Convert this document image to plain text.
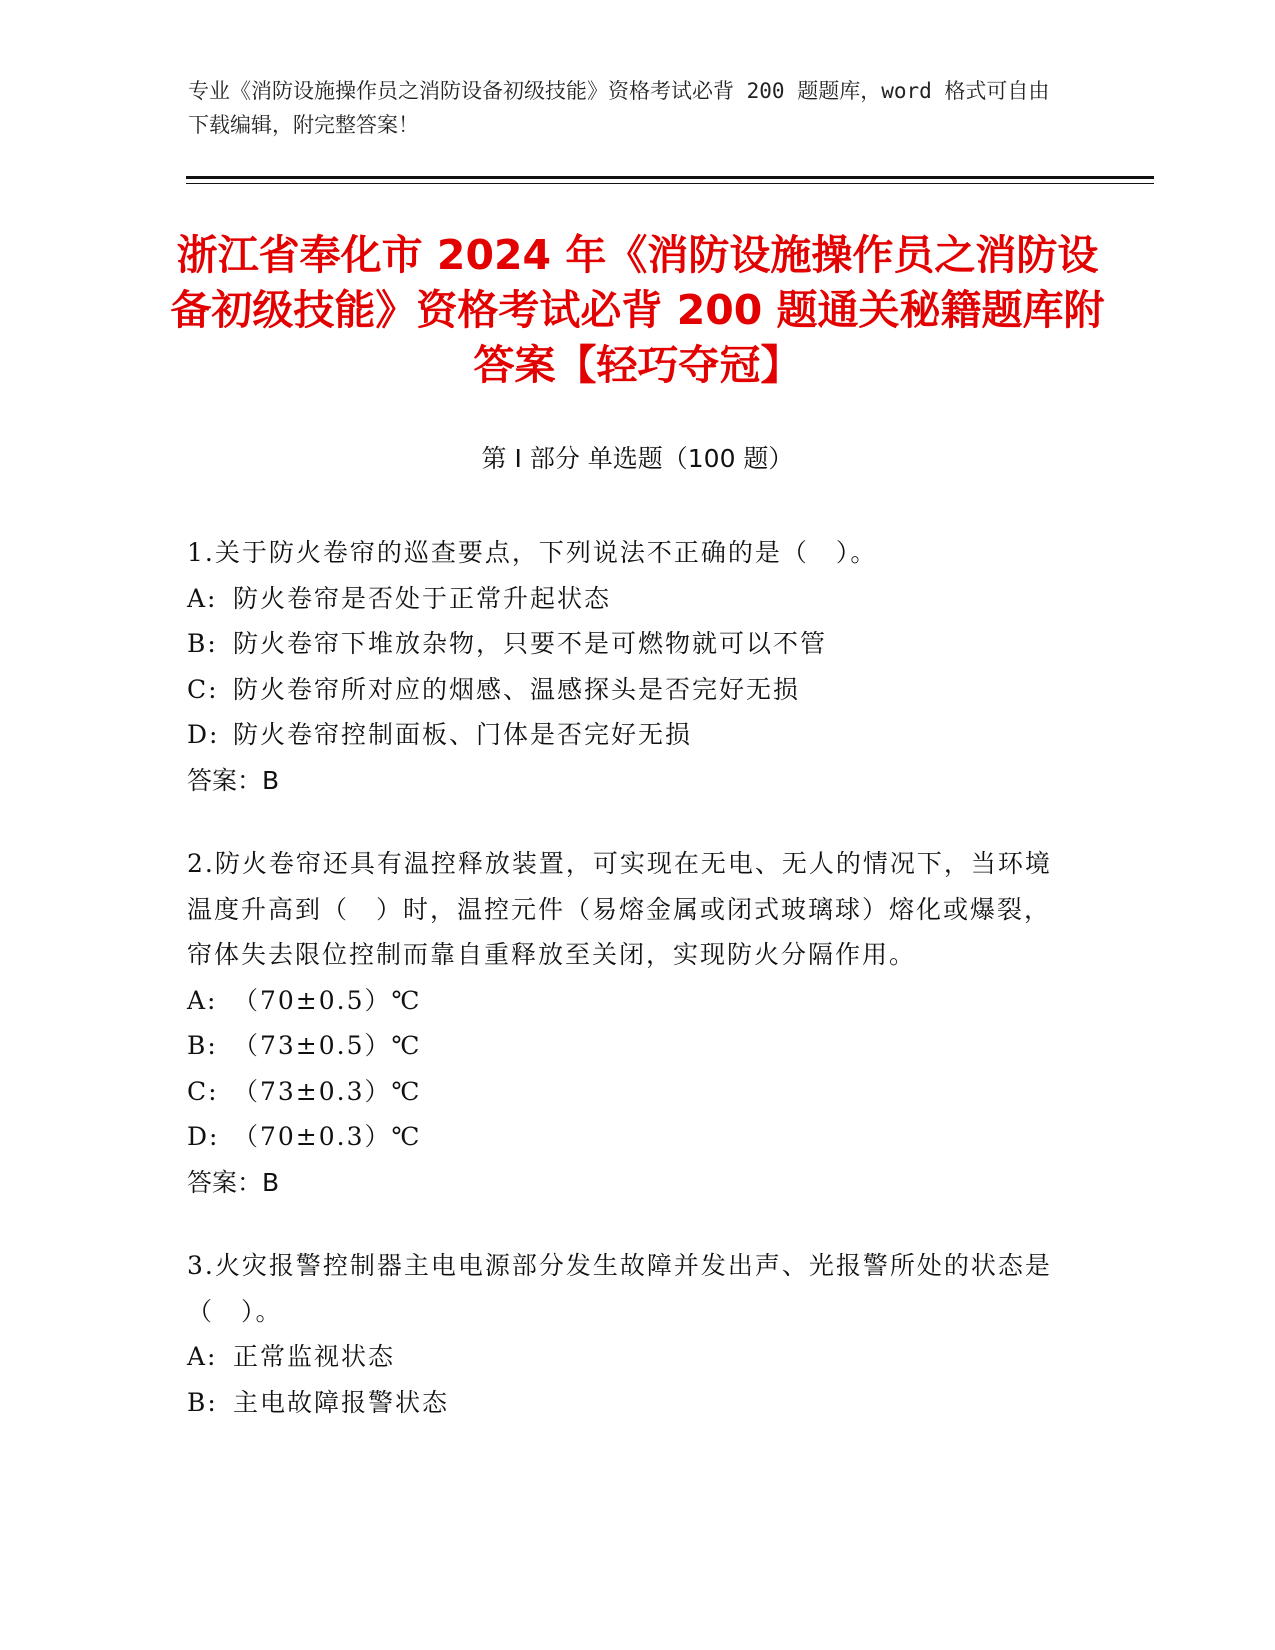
专业《消防设施操作员之消防设备初级技能》资格考试必背 200 题题库，word 格式可自由下载编辑，附完整答案！
浙江省奉化市 2024 年《消防设施操作员之消防设备初级技能》资格考试必背 200 题通关秘籍题库附答案【轻巧夺冠】
第 I 部分 单选题（100 题）

1.关于防火卷帘的巡查要点，下列说法不正确的是（　）。

A: 防火卷帘是否处于正常升起状态

B: 防火卷帘下堆放杂物，只要不是可燃物就可以不管

C: 防火卷帘所对应的烟感、温感探头是否完好无损

D: 防火卷帘控制面板、门体是否完好无损

答案：B

2.防火卷帘还具有温控释放装置，可实现在无电、无人的情况下，当环境温度升高到（　）时，温控元件（易熔金属或闭式玻璃球）熔化或爆裂，帘体失去限位控制而靠自重释放至关闭，实现防火分隔作用。

A: （70±0.5）℃

B: （73±0.5）℃

C: （73±0.3）℃

D: （70±0.3）℃

答案：B

3.火灾报警控制器主电电源部分发生故障并发出声、光报警所处的状态是（　）。

A: 正常监视状态

B: 主电故障报警状态
